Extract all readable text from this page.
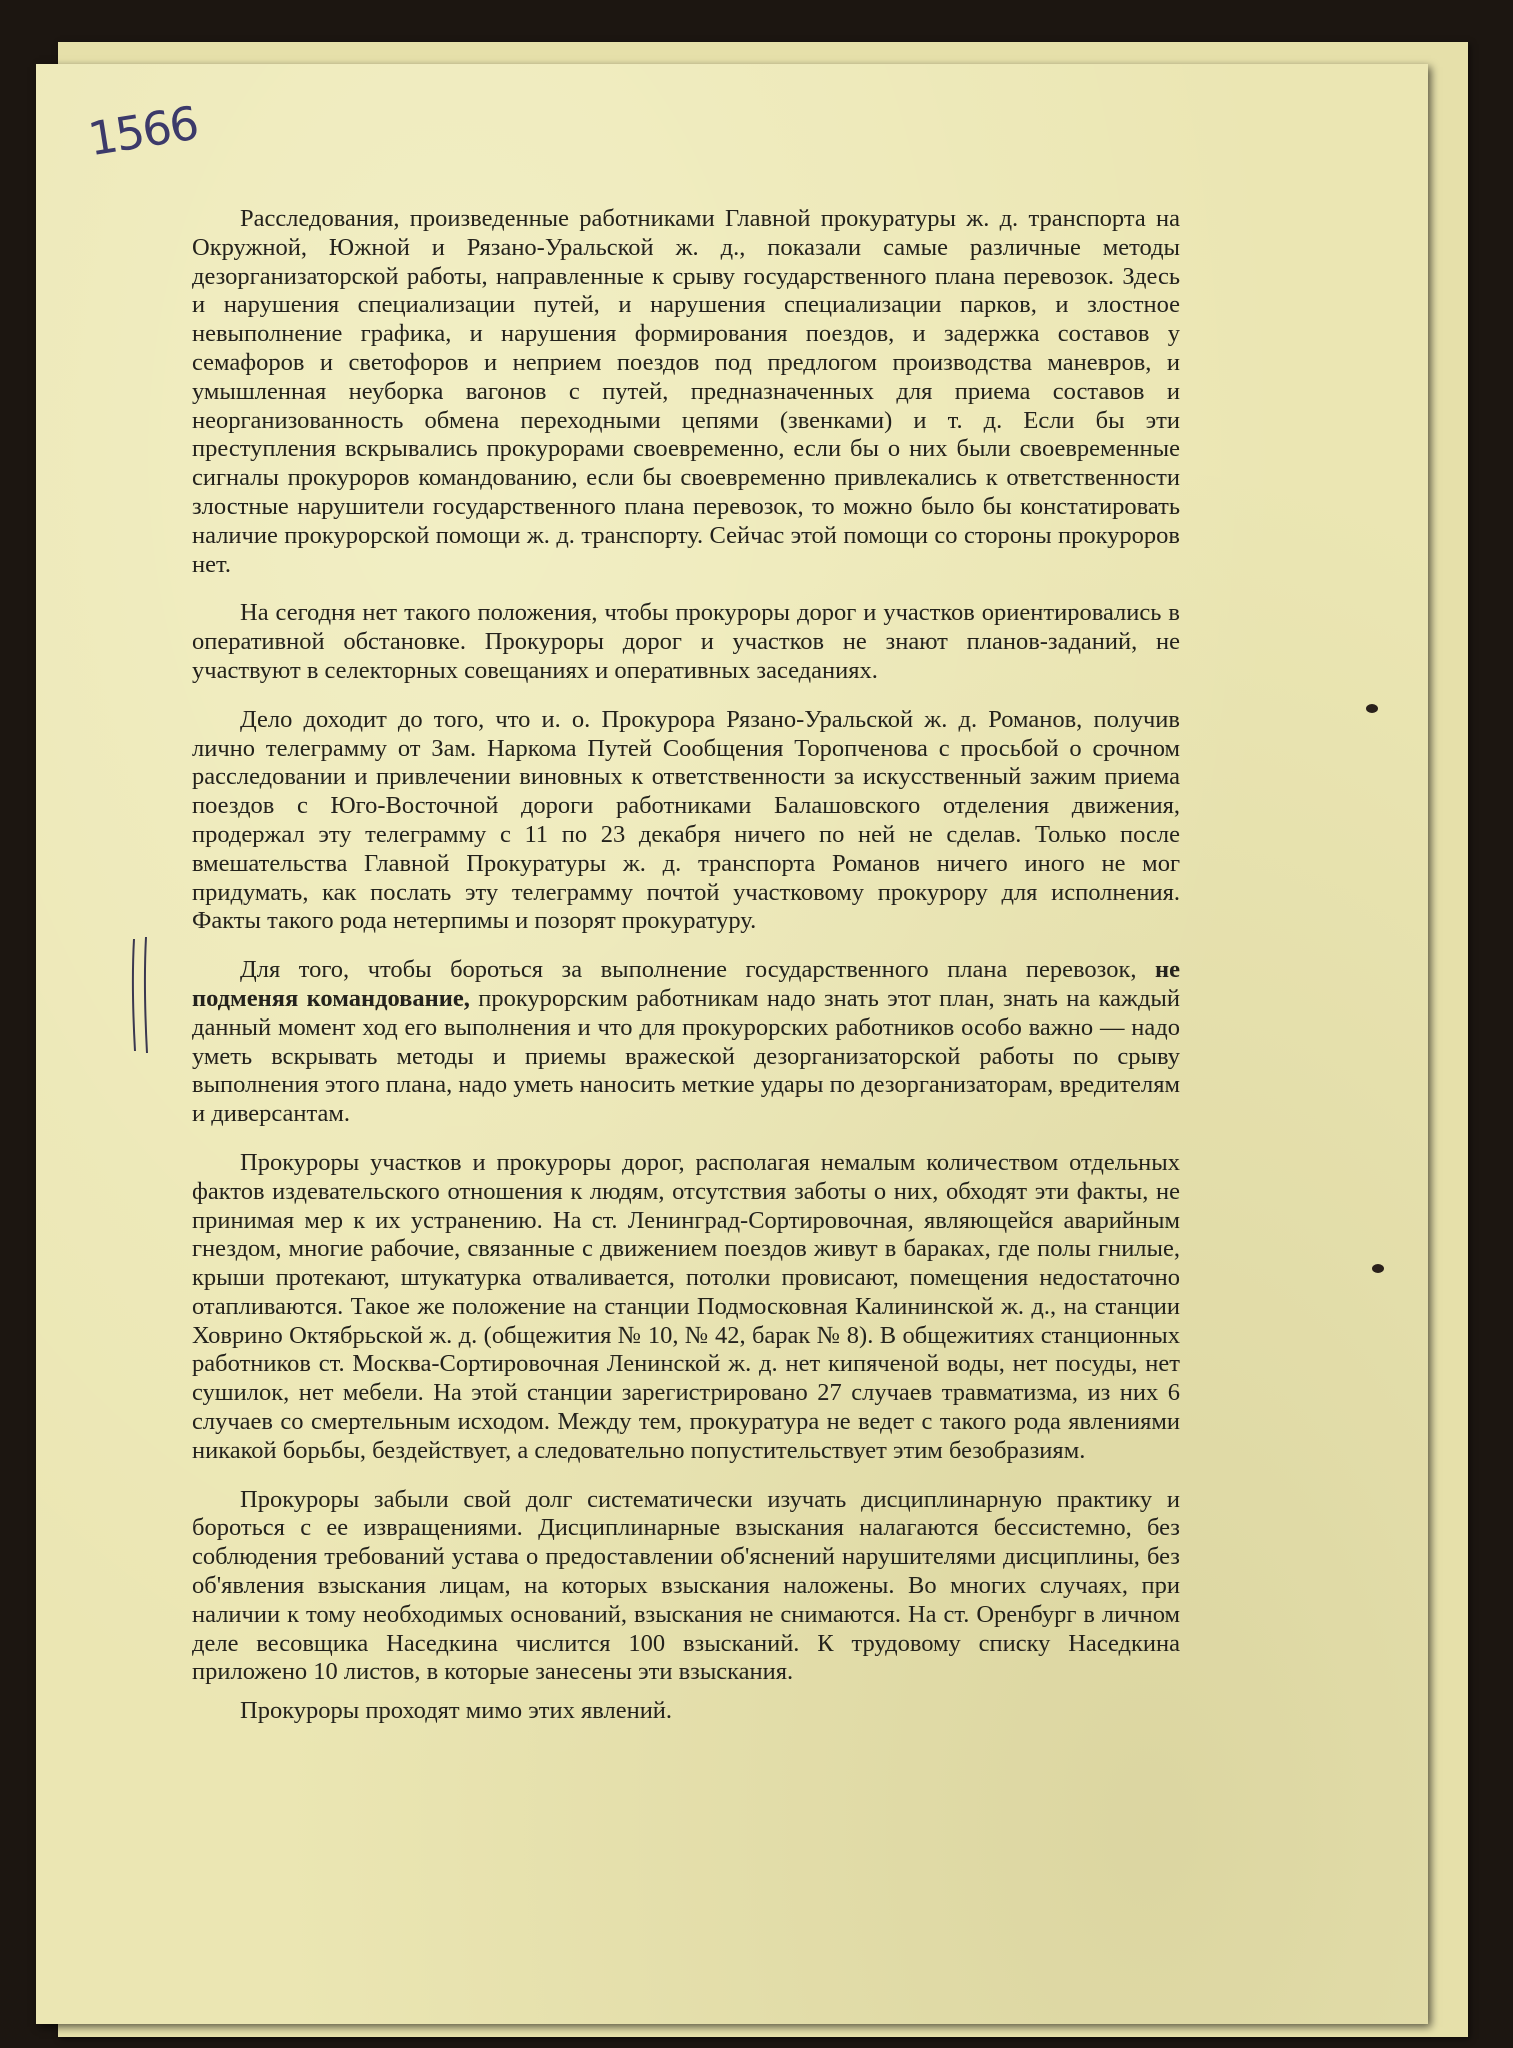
1566

Расследования, произведенные работниками Главной прокуратуры ж. д. транспорта на Окружной, Южной и Рязано-Уральской ж. д., показали самые различные методы дезорганизаторской работы, направленные к срыву государственного плана перевозок. Здесь и нарушения специализации путей, и нарушения специализации парков, и злостное невыполнение графика, и нарушения формирования поездов, и задержка составов у семафоров и светофоров и неприем поездов под предлогом производства маневров, и умышленная неуборка вагонов с путей, предназначенных для приема составов и неорганизованность обмена переходными цепями (звенками) и т. д. Если бы эти преступления вскрывались прокурорами своевременно, если бы о них были своевременные сигналы прокуроров командованию, если бы своевременно привлекались к ответственности злостные нарушители государственного плана перевозок, то можно было бы констатировать наличие прокурорской помощи ж. д. транспорту. Сейчас этой помощи со стороны прокуроров нет.

На сегодня нет такого положения, чтобы прокуроры дорог и участков ориентировались в оперативной обстановке. Прокуроры дорог и участков не знают планов-заданий, не участвуют в селекторных совещаниях и оперативных заседаниях.

Дело доходит до того, что и. о. Прокурора Рязано-Уральской ж. д. Романов, получив лично телеграмму от Зам. Наркома Путей Сообщения Торопченова с просьбой о срочном расследовании и привлечении виновных к ответственности за искусственный зажим приема поездов с Юго-Восточной дороги работниками Балашовского отделения движения, продержал эту телеграмму с 11 по 23 декабря ничего по ней не сделав. Только после вмешательства Главной Прокуратуры ж. д. транспорта Романов ничего иного не мог придумать, как послать эту телеграмму почтой участковому прокурору для исполнения. Факты такого рода нетерпимы и позорят прокуратуру.

Для того, чтобы бороться за выполнение государственного плана перевозок, не подменяя командование, прокурорским работникам надо знать этот план, знать на каждый данный момент ход его выполнения и что для прокурорских работников особо важно — надо уметь вскрывать методы и приемы вражеской дезорганизаторской работы по срыву выполнения этого плана, надо уметь наносить меткие удары по дезорганизаторам, вредителям и диверсантам.

Прокуроры участков и прокуроры дорог, располагая немалым количеством отдельных фактов издевательского отношения к людям, отсутствия заботы о них, обходят эти факты, не принимая мер к их устранению. На ст. Ленинград-Сортировочная, являющейся аварийным гнездом, многие рабочие, связанные с движением поездов живут в бараках, где полы гнилые, крыши протекают, штукатурка отваливается, потолки провисают, помещения недостаточно отапливаются. Такое же положение на станции Подмосковная Калининской ж. д., на станции Ховрино Октябрьской ж. д. (общежития № 10, № 42, барак № 8). В общежитиях станционных работников ст. Москва-Сортировочная Ленинской ж. д. нет кипяченой воды, нет посуды, нет сушилок, нет мебели. На этой станции зарегистрировано 27 случаев травматизма, из них 6 случаев со смертельным исходом. Между тем, прокуратура не ведет с такого рода явлениями никакой борьбы, бездействует, а следовательно попустительствует этим безобразиям.

Прокуроры забыли свой долг систематически изучать дисциплинарную практику и бороться с ее извращениями. Дисциплинарные взыскания налагаются бессистемно, без соблюдения требований устава о предоставлении об'яснений нарушителями дисциплины, без об'явления взыскания лицам, на которых взыскания наложены. Во многих случаях, при наличии к тому необходимых оснований, взыскания не снимаются. На ст. Оренбург в личном деле весовщика Наседкина числится 100 взысканий. К трудовому списку Наседкина приложено 10 листов, в которые занесены эти взыскания.

Прокуроры проходят мимо этих явлений.
